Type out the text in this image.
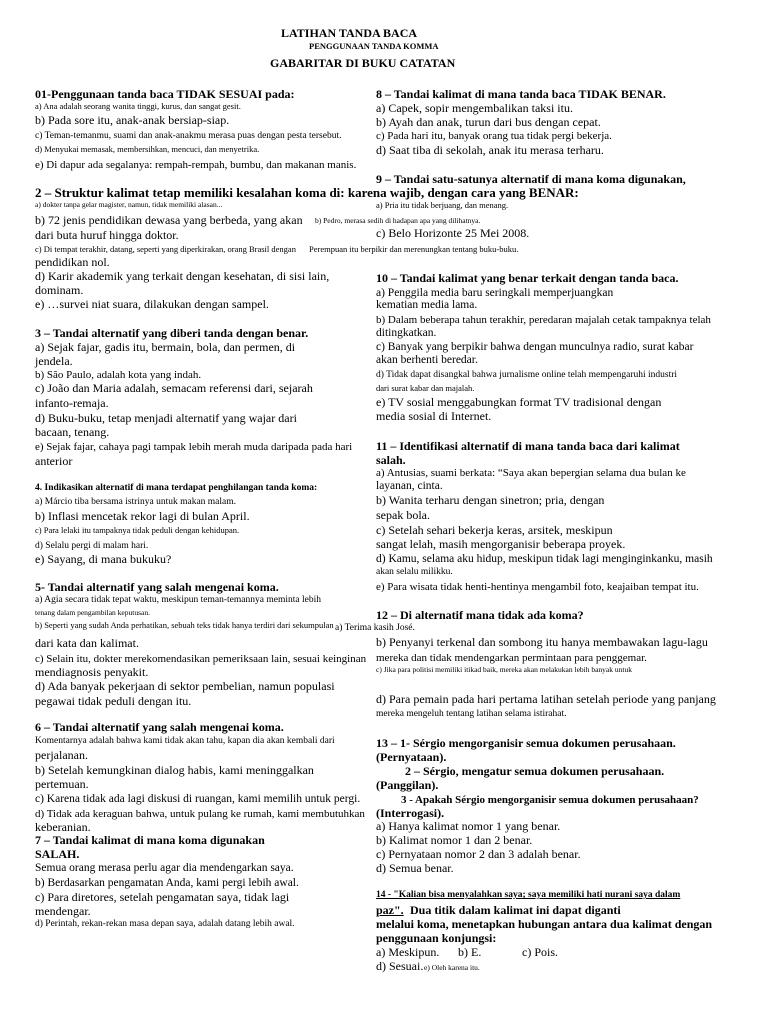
LATIHAN TANDA BACA
PENGGUNAAN TANDA KOMMA
GABARITAR DI BUKU CATATAN
01-Penggunaan tanda baca TIDAK SESUAI pada:
a) Ana adalah seorang wanita tinggi, kurus, dan sangat gesit.
b) Pada sore itu, anak-anak bersiap-siap.
c) Teman-temanmu, suami dan anak-anakmu merasa puas dengan pesta tersebut.
d) Menyukai memasak, membersihkan, mencuci, dan menyetrika.
e) Di dapur ada segalanya: rempah-rempah, bumbu, dan makanan manis.
2 – Struktur kalimat tetap memiliki kesalahan koma di: karena wajib, dengan cara yang BENAR:
a) dokter tanpa gelar magister, namun, tidak memiliki alasan...
b) 72 jenis pendidikan dewasa yang berbeda, yang akan
dari buta huruf hingga doktor.
c) Di tempat terakhir, datang, seperti yang diperkirakan, orang Brasil dengan
pendidikan nol.
d) Karir akademik yang terkait dengan kesehatan, di sisi lain,
dominam.
e) …survei niat suara, dilakukan dengan sampel.
3 – Tandai alternatif yang diberi tanda dengan benar.
a) Sejak fajar, gadis itu, bermain, bola, dan permen, di
jendela.
b) São Paulo, adalah kota yang indah.
c) João dan Maria adalah, semacam referensi dari, sejarah
infanto-remaja.
d) Buku-buku, tetap menjadi alternatif yang wajar dari
bacaan, tenang.
e) Sejak fajar, cahaya pagi tampak lebih merah muda daripada pada hari
anterior
4. Indikasikan alternatif di mana terdapat penghilangan tanda koma:
a) Márcio tiba bersama istrinya untuk makan malam.
b) Inflasi mencetak rekor lagi di bulan April.
c) Para lelaki itu tampaknya tidak peduli dengan kehidupan.
d) Selalu pergi di malam hari.
e) Sayang, di mana bukuku?
5- Tandai alternatif yang salah mengenai koma.
a) Agia secara tidak tepat waktu, meskipun teman-temannya meminta lebih
tenang dalam pengambilan keputusan.
b) Seperti yang sudah Anda perhatikan, sebuah teks tidak hanya terdiri dari sekumpulan
dari kata dan kalimat.
c) Selain itu, dokter merekomendasikan pemeriksaan lain, sesuai keinginan
mendiagnosis penyakit.
d) Ada banyak pekerjaan di sektor pembelian, namun populasi
pegawai tidak peduli dengan itu.
6 – Tandai alternatif yang salah mengenai koma.
Komentarnya adalah bahwa kami tidak akan tahu, kapan dia akan kembali dari
perjalanan.
b) Setelah kemungkinan dialog habis, kami meninggalkan
pertemuan.
c) Karena tidak ada lagi diskusi di ruangan, kami memilih untuk pergi.
d) Tidak ada keraguan bahwa, untuk pulang ke rumah, kami membutuhkan
keberanian.
7 – Tandai kalimat di mana koma digunakan
SALAH.
Semua orang merasa perlu agar dia mendengarkan saya.
b) Berdasarkan pengamatan Anda, kami pergi lebih awal.
c) Para diretores, setelah pengamatan saya, tidak lagi
mendengar.
d) Perintah, rekan-rekan masa depan saya, adalah datang lebih awal.
8 – Tandai kalimat di mana tanda baca TIDAK BENAR.
a) Capek, sopir mengembalikan taksi itu.
b) Ayah dan anak, turun dari bus dengan cepat.
c) Pada hari itu, banyak orang tua tidak pergi bekerja.
d) Saat tiba di sekolah, anak itu merasa terharu.
9 – Tandai satu-satunya alternatif di mana koma digunakan,
a) Pria itu tidak berjuang, dan menang.
b) Pedro, merasa sedih di hadapan apa yang dilihatnya.
c) Belo Horizonte 25 Mei 2008.
Perempuan itu berpikir dan merenungkan tentang buku-buku.
10 – Tandai kalimat yang benar terkait dengan tanda baca.
a) Penggila media baru seringkali memperjuangkan
kematian media lama.
b) Dalam beberapa tahun terakhir, peredaran majalah cetak tampaknya telah
ditingkatkan.
c) Banyak yang berpikir bahwa dengan munculnya radio, surat kabar
akan berhenti beredar.
d) Tidak dapat disangkal bahwa jurnalisme online telah mempengaruhi industri
dari surat kabar dan majalah.
e) TV sosial menggabungkan format TV tradisional dengan
media sosial di Internet.
11 – Identifikasi alternatif di mana tanda baca dari kalimat
salah.
a) Antusias, suami berkata: “Saya akan bepergian selama dua bulan ke
layanan, cinta.
b) Wanita terharu dengan sinetron; pria, dengan
sepak bola.
c) Setelah sehari bekerja keras, arsitek, meskipun
sangat lelah, masih mengorganisir beberapa proyek.
d) Kamu, selama aku hidup, meskipun tidak lagi menginginkanku, masih
akan selalu milikku.
e) Para wisata tidak henti-hentinya mengambil foto, keajaiban tempat itu.
12 – Di alternatif mana tidak ada koma?
a) Terima kasih José.
b) Penyanyi terkenal dan sombong itu hanya membawakan lagu-lagu
mereka dan tidak mendengarkan permintaan para penggemar.
c) Jika para politisi memiliki itikad baik, mereka akan melakukan lebih banyak untuk
d) Para pemain pada hari pertama latihan setelah periode yang panjang
mereka mengeluh tentang latihan selama istirahat.
13 – 1- Sérgio mengorganisir semua dokumen perusahaan.
(Pernyataan).
2 – Sérgio, mengatur semua dokumen perusahaan.
(Panggilan).
3 - Apakah Sérgio mengorganisir semua dokumen perusahaan?
(Interrogasi).
a) Hanya kalimat nomor 1 yang benar.
b) Kalimat nomor 1 dan 2 benar.
c) Pernyataan nomor 2 dan 3 adalah benar.
d) Semua benar.
14 - "Kalian bisa menyalahkan saya; saya memiliki hati nurani saya dalam
paz". Dua titik dalam kalimat ini dapat diganti
melalui koma, menetapkan hubungan antara dua kalimat dengan
penggunaan konjungsi:
a) Meskipun. b) E.	c) Pois.
d) Sesuai. e) Oleh karena itu.
